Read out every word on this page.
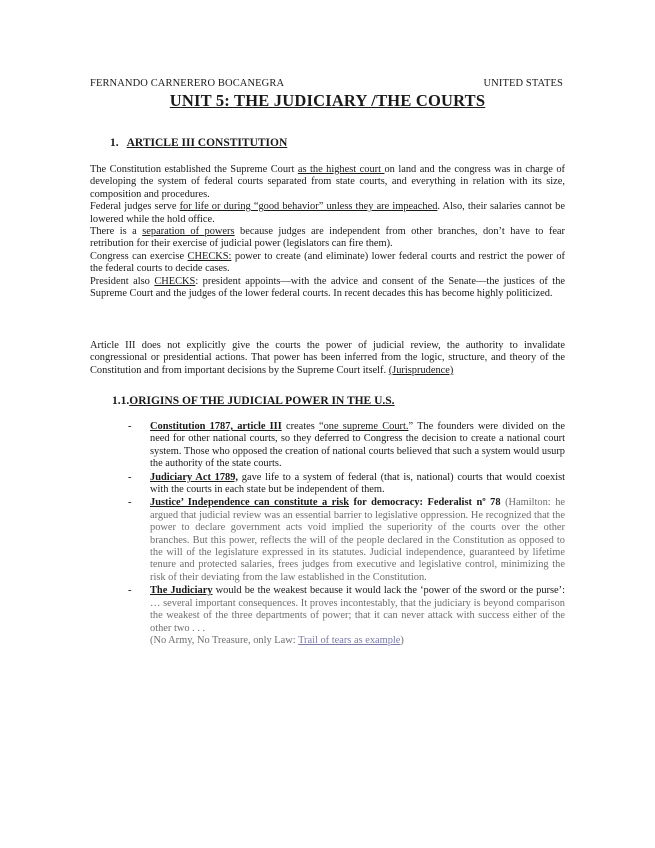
FERNANDO CARNERERO BOCANEGRA	UNITED STATES
UNIT 5: THE JUDICIARY /THE COURTS
1. ARTICLE III CONSTITUTION

The Constitution established the Supreme Court as the highest court on land and the congress was in charge of developing the system of federal courts separated from state courts, and everything in relation with its size, composition and procedures.

Federal judges serve for life or during “good behavior” unless they are impeached. Also, their salaries cannot be lowered while the hold office.

There is a separation of powers because judges are independent from other branches, don’t have to fear retribution for their exercise of judicial power (legislators can fire them).

Congress can exercise CHECKS: power to create (and eliminate) lower federal courts and restrict the power of the federal courts to decide cases.

President also CHECKS: president appoints—with the advice and consent of the Senate—the justices of the Supreme Court and the judges of the lower federal courts. In recent decades this has become highly politicized.

Article III does not explicitly give the courts the power of judicial review, the authority to invalidate congressional or presidential actions. That power has been inferred from the logic, structure, and theory of the Constitution and from important decisions by the Supreme Court itself. (Jurisprudence)

1.1.ORIGINS OF THE JUDICIAL POWER IN THE U.S.
- Constitution 1787, article III creates “one supreme Court.” The founders were divided on the need for other national courts, so they deferred to Congress the decision to create a national court system. Those who opposed the creation of national courts believed that such a system would usurp the authority of the state courts.
- Judiciary Act 1789, gave life to a system of federal (that is, national) courts that would coexist with the courts in each state but be independent of them.
- Justice’ Independence can constitute a risk for democracy: Federalist nº 78 (Hamilton: he argued that judicial review was an essential barrier to legislative oppression. He recognized that the power to declare government acts void implied the superiority of the courts over the other branches. But this power, reflects the will of the people declared in the Constitution as opposed to the will of the legislature expressed in its statutes. Judicial independence, guaranteed by lifetime tenure and protected salaries, frees judges from executive and legislative control, minimizing the risk of their deviating from the law established in the Constitution.
- The Judiciary would be the weakest because it would lack the ‘power of the sword or the purse’: … several important consequences. It proves incontestably, that the judiciary is beyond comparison the weakest of the three departments of power; that it can never attack with success either of the other two . . .
(No Army, No Treasure, only Law: Trail of tears as example)
